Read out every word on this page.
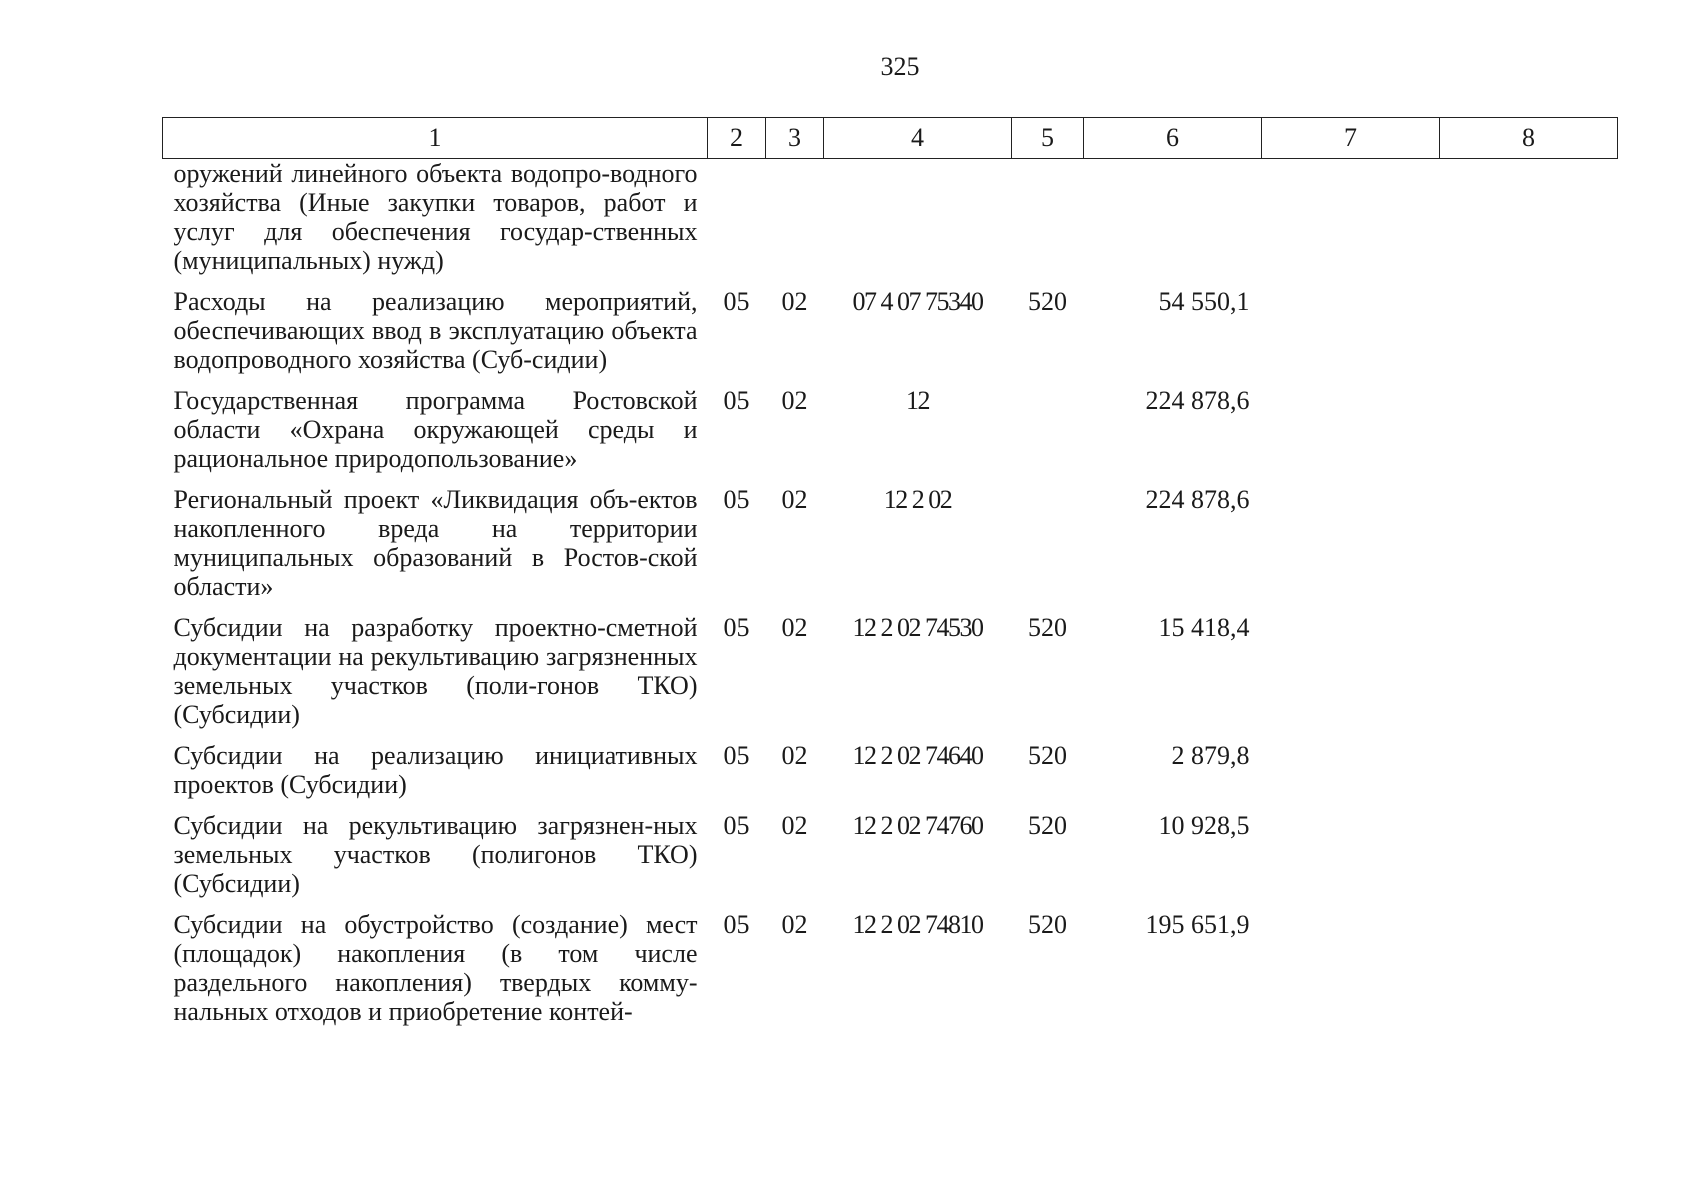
325
1	2	3	4	5	6	7	8
оружений линейного объекта водопро-водного хозяйства (Иные закупки товаров, работ и услуг для обеспечения государ-ственных (муниципальных) нужд)							
Расходы на реализацию мероприятий, обеспечивающих ввод в эксплуатацию объекта водопроводного хозяйства (Суб-сидии)	05	02	07 4 07 75340	520	54 550,1		
Государственная программа Ростовской области «Охрана окружающей среды и рациональное природопользование»	05	02	12		224 878,6		
Региональный проект «Ликвидация объ-ектов накопленного вреда на территории муниципальных образований в Ростов-ской области»	05	02	12 2 02		224 878,6		
Субсидии на разработку проектно-сметной документации на рекультивацию загрязненных земельных участков (поли-гонов ТКО) (Субсидии)	05	02	12 2 02 74530	520	15 418,4		
Субсидии на реализацию инициативных проектов (Субсидии)	05	02	12 2 02 74640	520	2 879,8		
Субсидии на рекультивацию загрязнен-ных земельных участков (полигонов ТКО) (Субсидии)	05	02	12 2 02 74760	520	10 928,5		
Субсидии на обустройство (создание) мест (площадок) накопления (в том числе раздельного накопления) твердых комму-нальных отходов и приобретение контей-	05	02	12 2 02 74810	520	195 651,9		
